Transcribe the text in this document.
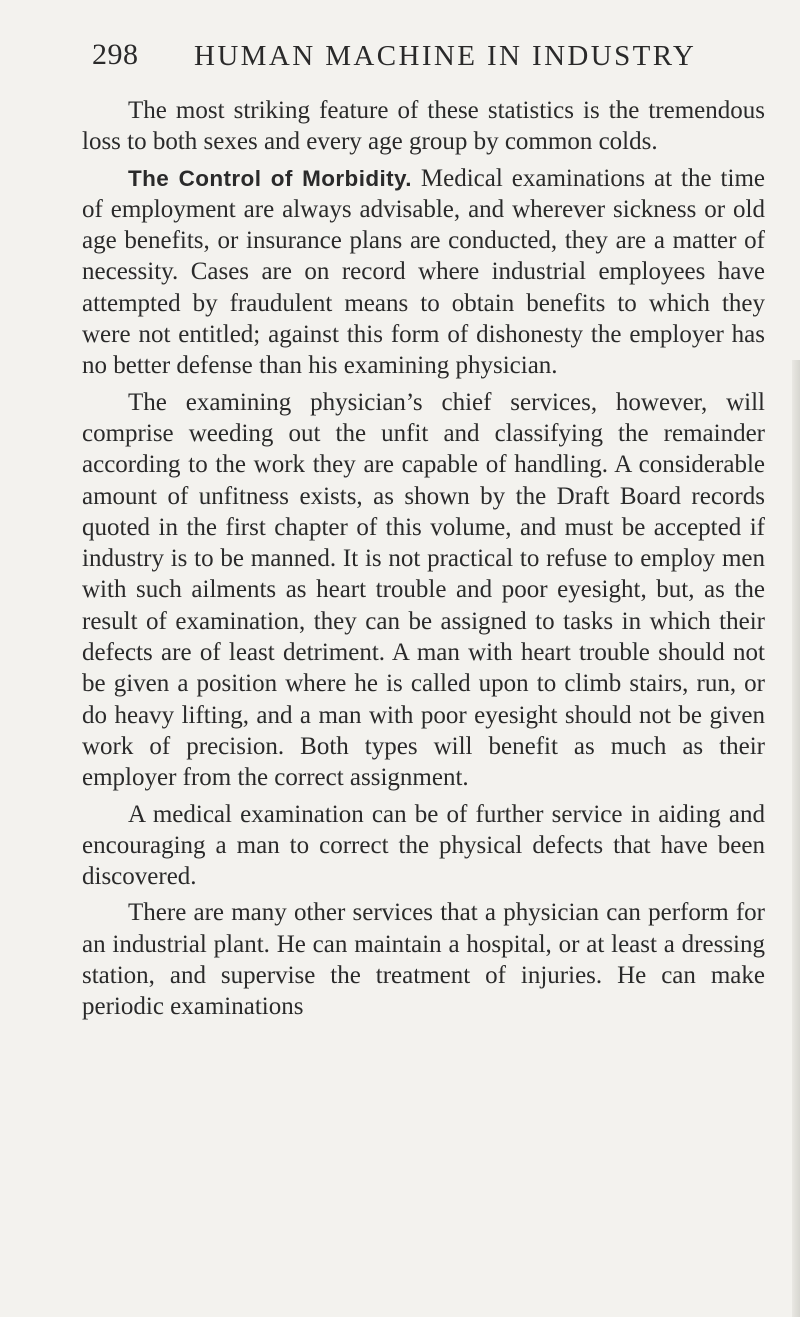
298 HUMAN MACHINE IN INDUSTRY

The most striking feature of these statistics is the tremendous loss to both sexes and every age group by common colds.

The Control of Morbidity. Medical examinations at the time of employment are always advisable, and wherever sickness or old age benefits, or insurance plans are conducted, they are a matter of necessity. Cases are on record where industrial employees have attempted by fraudulent means to obtain benefits to which they were not entitled; against this form of dishonesty the employer has no better defense than his examining physician.

The examining physician’s chief services, however, will comprise weeding out the unfit and classifying the remainder according to the work they are capable of handling. A considerable amount of unfitness exists, as shown by the Draft Board records quoted in the first chapter of this volume, and must be accepted if industry is to be manned. It is not practical to refuse to employ men with such ailments as heart trouble and poor eyesight, but, as the result of examination, they can be assigned to tasks in which their defects are of least detriment. A man with heart trouble should not be given a position where he is called upon to climb stairs, run, or do heavy lifting, and a man with poor eyesight should not be given work of precision. Both types will benefit as much as their employer from the correct assignment.

A medical examination can be of further service in aiding and encouraging a man to correct the physical defects that have been discovered.

There are many other services that a physician can perform for an industrial plant. He can maintain a hospital, or at least a dressing station, and supervise the treatment of injuries. He can make periodic examinations
